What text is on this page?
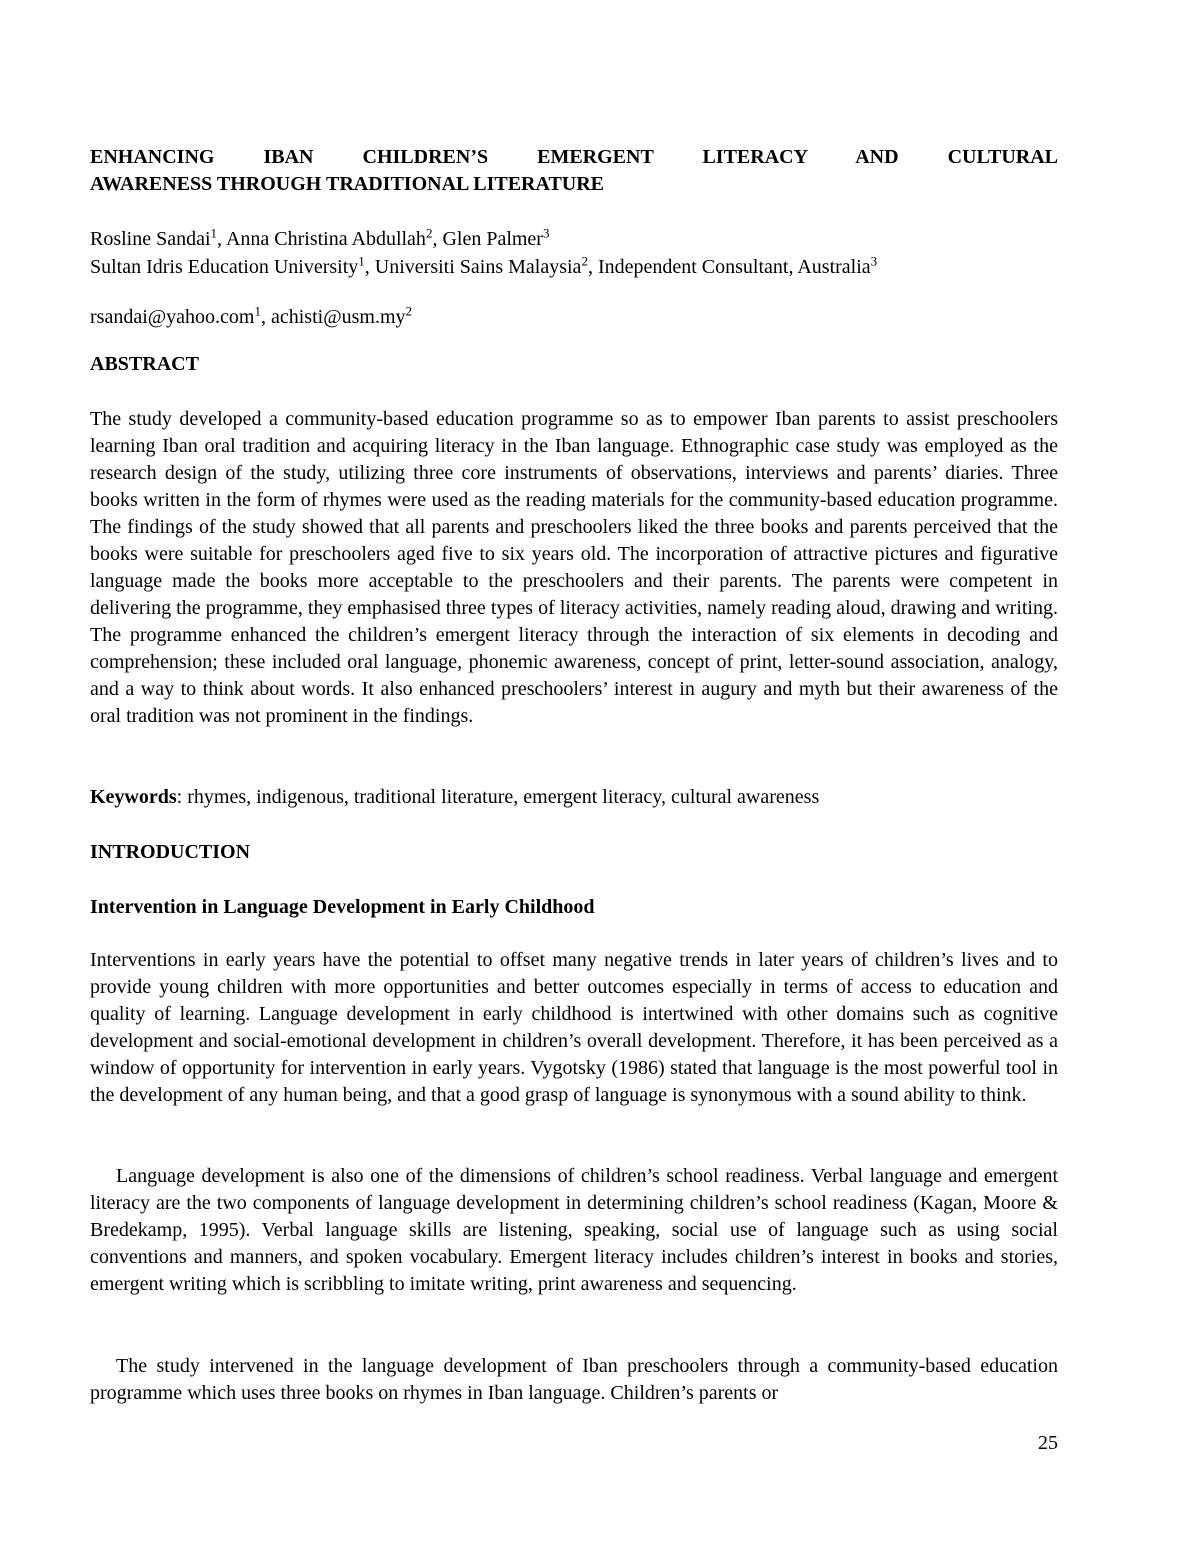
ENHANCING IBAN CHILDREN’S EMERGENT LITERACY AND CULTURAL
AWARENESS THROUGH TRADITIONAL LITERATURE
Rosline Sandai$^1$, Anna Christina Abdullah$^2$, Glen Palmer$^3$
Sultan Idris Education University$^1$, Universiti Sains Malaysia$^2$, Independent Consultant, Australia$^3$
rsandai@yahoo.com$^1$, $achisti@usm.my^2$
ABSTRACT
The study developed a community-based education programme so as to empower Iban parents to assist preschoolers learning Iban oral tradition and acquiring literacy in the Iban language. Ethnographic case study was employed as the research design of the study, utilizing three core instruments of observations, interviews and parents’ diaries. Three books written in the form of rhymes were used as the reading materials for the community-based education programme. The findings of the study showed that all parents and preschoolers liked the three books and parents perceived that the books were suitable for preschoolers aged five to six years old. The incorporation of attractive pictures and figurative language made the books more acceptable to the preschoolers and their parents. The parents were competent in delivering the programme, they emphasised three types of literacy activities, namely reading aloud, drawing and writing. The programme enhanced the children’s emergent literacy through the interaction of six elements in decoding and comprehension; these included oral language, phonemic awareness, concept of print, letter-sound association, analogy, and a way to think about words. It also enhanced preschoolers’ interest in augury and myth but their awareness of the oral tradition was not prominent in the findings.
Keywords: rhymes, indigenous, traditional literature, emergent literacy, cultural awareness
INTRODUCTION
Intervention in Language Development in Early Childhood
Interventions in early years have the potential to offset many negative trends in later years of children’s lives and to provide young children with more opportunities and better outcomes especially in terms of access to education and quality of learning. Language development in early childhood is intertwined with other domains such as cognitive development and social-emotional development in children’s overall development. Therefore, it has been perceived as a window of opportunity for intervention in early years. Vygotsky (1986) stated that language is the most powerful tool in the development of any human being, and that a good grasp of language is synonymous with a sound ability to think.
Language development is also one of the dimensions of children’s school readiness. Verbal language and emergent literacy are the two components of language development in determining children’s school readiness (Kagan, Moore & Bredekamp, 1995). Verbal language skills are listening, speaking, social use of language such as using social conventions and manners, and spoken vocabulary. Emergent literacy includes children’s interest in books and stories, emergent writing which is scribbling to imitate writing, print awareness and sequencing.
The study intervened in the language development of Iban preschoolers through a community-based education programme which uses three books on rhymes in Iban language. Children’s parents or
25
